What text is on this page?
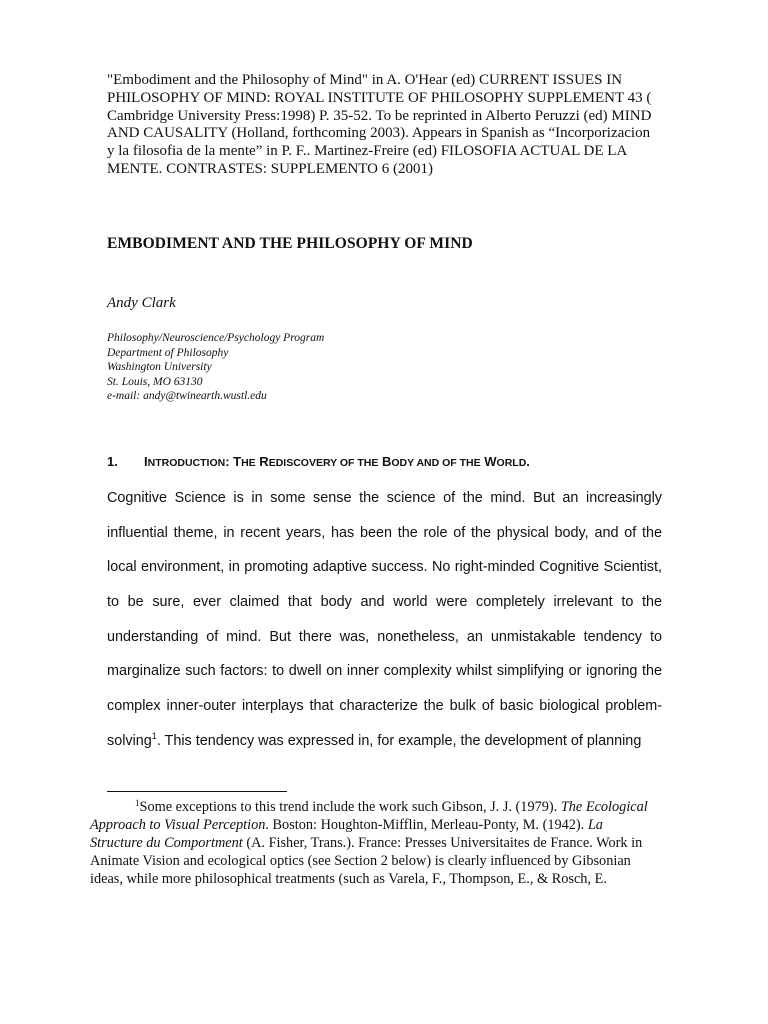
"Embodiment and the Philosophy of Mind" in A. O'Hear (ed) CURRENT ISSUES IN
PHILOSOPHY OF MIND: ROYAL INSTITUTE OF PHILOSOPHY SUPPLEMENT 43 (
Cambridge University Press:1998) P. 35-52. To be reprinted in Alberto Peruzzi (ed) MIND
AND CAUSALITY (Holland, forthcoming 2003). Appears in Spanish as “Incorporizacion
y la filosofia de la mente” in P. F.. Martinez-Freire (ed) FILOSOFIA ACTUAL DE LA
MENTE. CONTRASTES: SUPPLEMENTO 6 (2001)
EMBODIMENT AND THE PHILOSOPHY OF MIND
Andy Clark
Philosophy/Neuroscience/Psychology Program
Department of Philosophy
Washington University
St. Louis, MO 63130
e-mail: andy@twinearth.wustl.edu
1. INTRODUCTION: THE REDISCOVERY OF THE BODY AND OF THE WORLD.
Cognitive Science is in some sense the science of the mind. But an increasingly
influential theme, in recent years, has been the role of the physical body, and of the
local environment, in promoting adaptive success. No right-minded Cognitive Scientist,
to be sure, ever claimed that body and world were completely irrelevant to the
understanding of mind. But there was, nonetheless, an unmistakable tendency to
marginalize such factors: to dwell on inner complexity whilst simplifying or ignoring the
complex inner-outer interplays that characterize the bulk of basic biological problem-
solving$^1$. This tendency was expressed in, for example, the development of planning
$^1$Some exceptions to this trend include the work such Gibson, J. J. (1979). The Ecological
Approach to Visual Perception. Boston: Houghton-Mifflin, Merleau-Ponty, M. (1942). La
Structure du Comportment (A. Fisher, Trans.). France: Presses Universitaites de France. Work in
Animate Vision and ecological optics (see Section 2 below) is clearly influenced by Gibsonian
ideas, while more philosophical treatments (such as Varela, F., Thompson, E., & Rosch, E.
